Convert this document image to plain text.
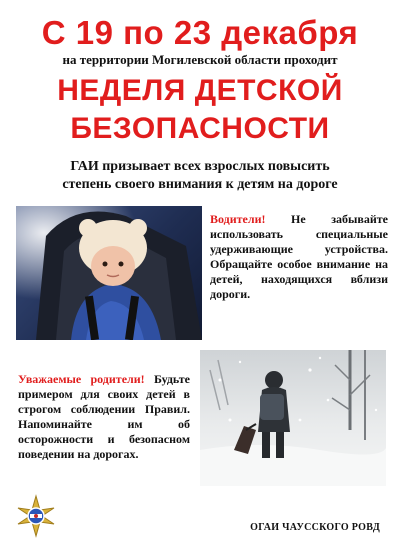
С 19 по 23 декабря
на территории Могилевской области проходит
НЕДЕЛЯ ДЕТСКОЙ
БЕЗОПАСНОСТИ
ГАИ призывает всех взрослых повысить
степень своего внимания к детям на дороге
Водители! Не забывайте использовать специальные удерживающие устройства. Обращайте особое внимание на детей, находящихся вблизи дороги.
Уважаемые родители! Будьте примером для своих детей в строгом соблюдении Правил. Напоминайте им об осторожности и безопасном поведении на дорогах.
ОГАИ ЧАУССКОГО РОВД
